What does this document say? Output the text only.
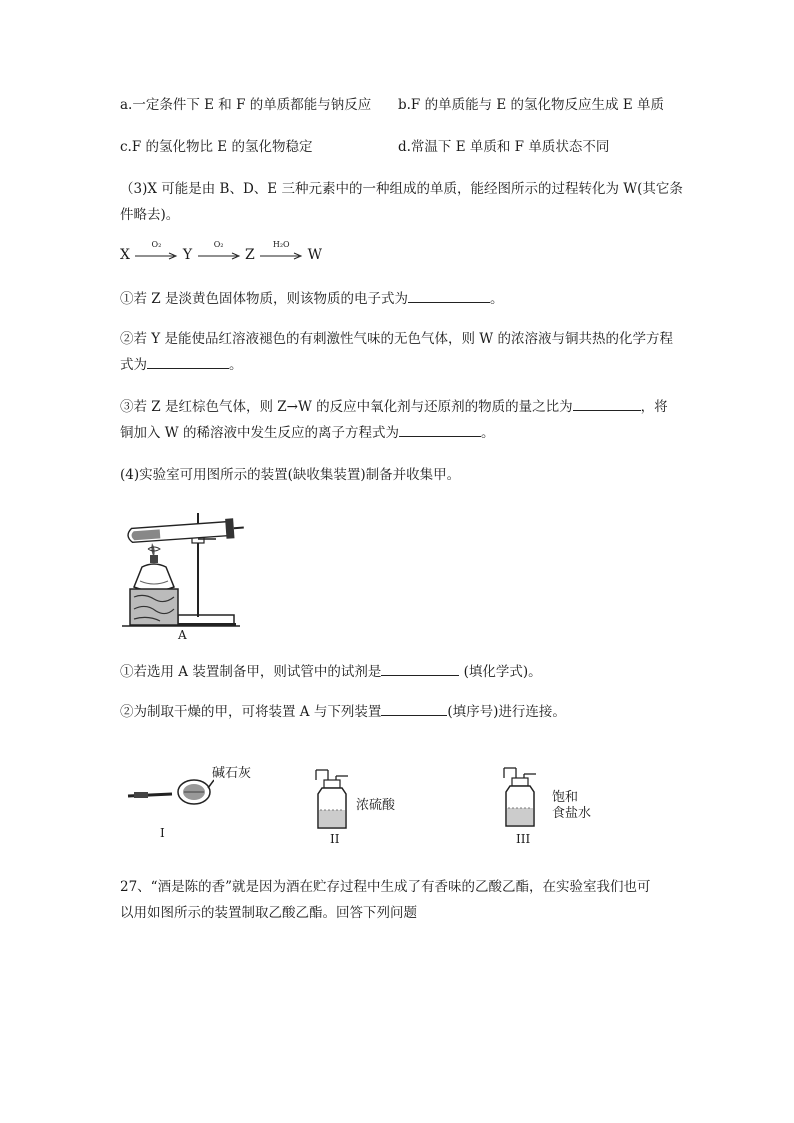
a.一定条件下 E 和 F 的单质都能与钠反应 b.F 的单质能与 E 的氢化物反应生成 E 单质
c.F 的氢化物比 E 的氢化物稳定	d.常温下 E 单质和 F 单质状态不同
（3)X 可能是由 B、D、E 三种元素中的一种组成的单质，能经图所示的过程转化为 W(其它条
件略去)。
X
O₂
Y
O₂
Z
H₂O
W
①若 Z 是淡黄色固体物质，则该物质的电子式为	。
②若 Y 是能使品红溶液褪色的有刺激性气味的无色气体，则 W 的浓溶液与铜共热的化学方程
式为	。
③若 Z 是红棕色气体，则 Z→W 的反应中氧化剂与还原剂的物质的量之比为	，将
铜加入 W 的稀溶液中发生反应的离子方程式为	。
(4)实验室可用图所示的装置(缺收集装置)制备并收集甲。
A
①若选用 A 装置制备甲，则试管中的试剂是	(填化学式)。
②为制取干燥的甲，可将装置 A 与下列装置	(填序号)进行连接。
碱石灰
I
浓硫酸
II
饱和
食盐水
III
27、“酒是陈的香”就是因为酒在贮存过程中生成了有香味的乙酸乙酯，在实验室我们也可
以用如图所示的装置制取乙酸乙酯。回答下列问题
